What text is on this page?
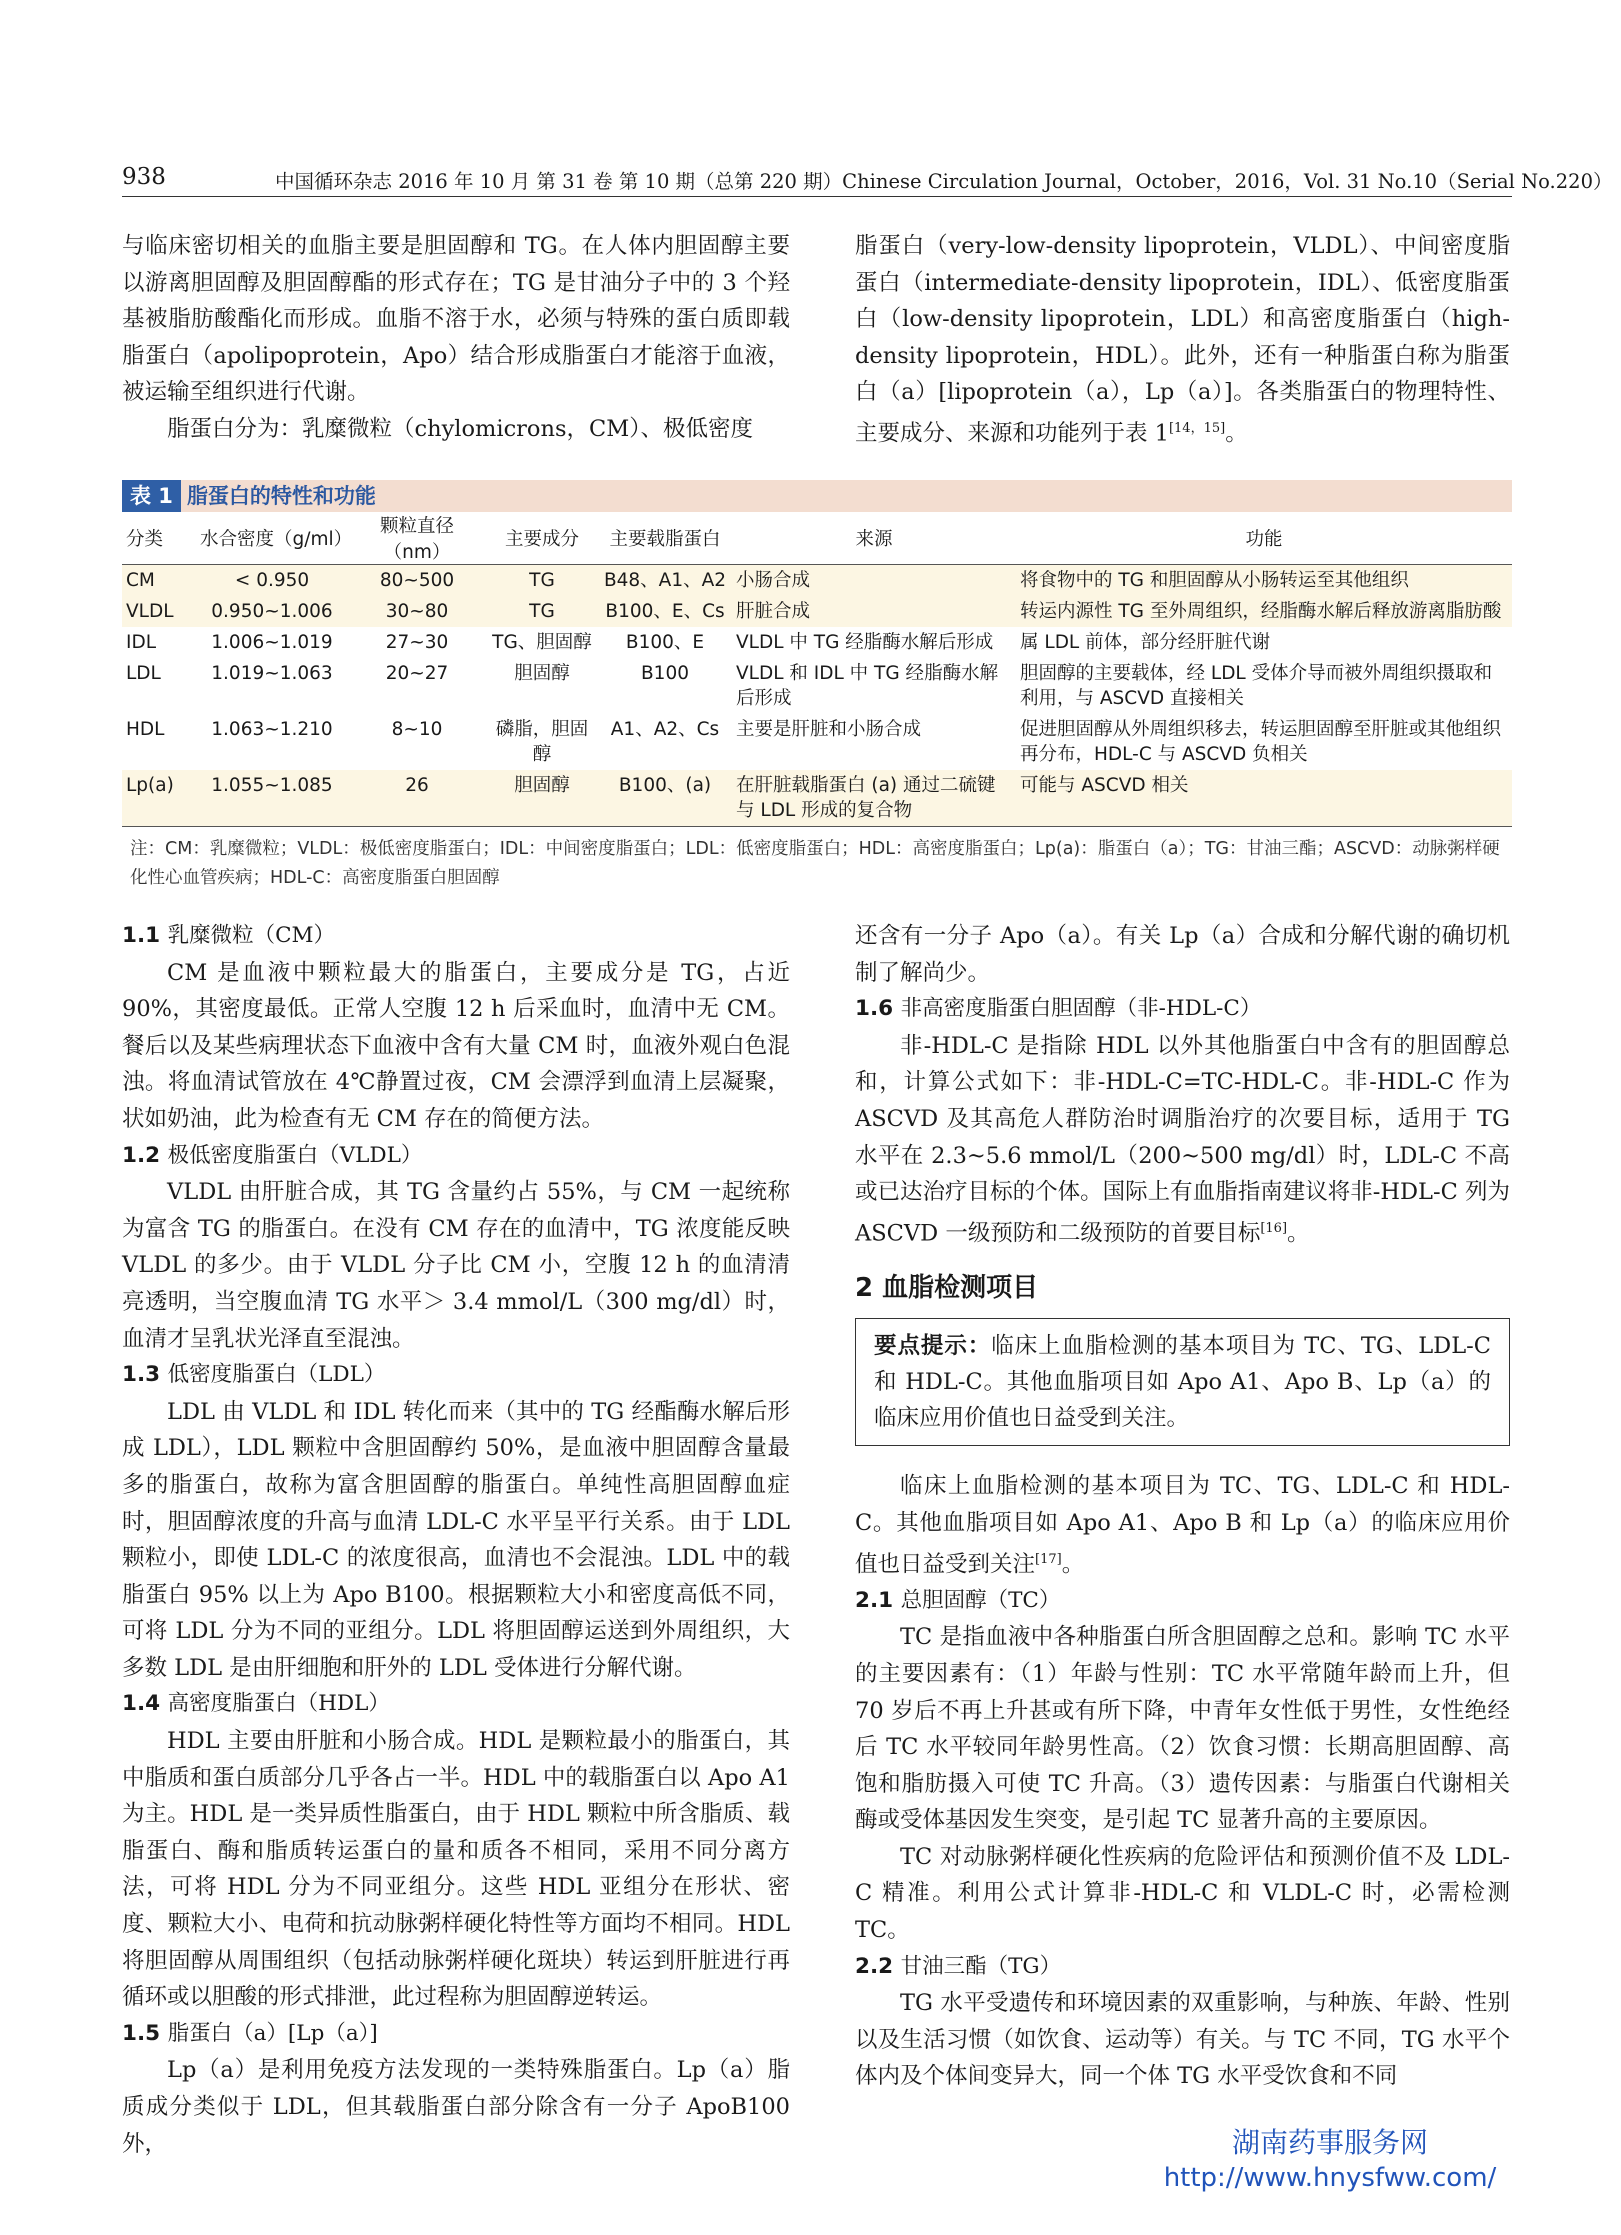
938	中国循环杂志 2016 年 10 月 第 31 卷 第 10 期（总第 220 期）Chinese Circulation Journal，October，2016，Vol. 31 No.10（Serial No.220）

与临床密切相关的血脂主要是胆固醇和 TG。在人体内胆固醇主要以游离胆固醇及胆固醇酯的形式存在；TG 是甘油分子中的 3 个羟基被脂肪酸酯化而形成。血脂不溶于水，必须与特殊的蛋白质即载脂蛋白（apolipoprotein，Apo）结合形成脂蛋白才能溶于血液，被运输至组织进行代谢。

脂蛋白分为：乳糜微粒（chylomicrons，CM）、极低密度

脂蛋白（very-low-density lipoprotein，VLDL）、中间密度脂蛋白（intermediate-density lipoprotein，IDL）、低密度脂蛋白（low-density lipoprotein，LDL）和高密度脂蛋白（high-density lipoprotein，HDL）。此外，还有一种脂蛋白称为脂蛋白（a）[lipoprotein（a），Lp（a）]。各类脂蛋白的物理特性、主要成分、来源和功能列于表 1[14，15]。

表 1 脂蛋白的特性和功能
分类	水合密度（g/ml）	颗粒直径（nm）	主要成分	主要载脂蛋白	来源	功能
CM	< 0.950	80~500	TG	B48、A1、A2	小肠合成	将食物中的 TG 和胆固醇从小肠转运至其他组织
VLDL	0.950~1.006	30~80	TG	B100、E、Cs	肝脏合成	转运内源性 TG 至外周组织，经脂酶水解后释放游离脂肪酸
IDL	1.006~1.019	27~30	TG、胆固醇	B100、E	VLDL 中 TG 经脂酶水解后形成	属 LDL 前体，部分经肝脏代谢
LDL	1.019~1.063	20~27	胆固醇	B100	VLDL 和 IDL 中 TG 经脂酶水解后形成	胆固醇的主要载体，经 LDL 受体介导而被外周组织摄取和利用，与 ASCVD 直接相关
HDL	1.063~1.210	8~10	磷脂，胆固醇	A1、A2、Cs	主要是肝脏和小肠合成	促进胆固醇从外周组织移去，转运胆固醇至肝脏或其他组织再分布，HDL-C 与 ASCVD 负相关
Lp(a)	1.055~1.085	26	胆固醇	B100、(a)	在肝脏载脂蛋白 (a) 通过二硫键与 LDL 形成的复合物	可能与 ASCVD 相关
注：CM：乳糜微粒；VLDL：极低密度脂蛋白；IDL：中间密度脂蛋白；LDL：低密度脂蛋白；HDL：高密度脂蛋白；Lp(a)：脂蛋白（a）；TG：甘油三酯；ASCVD：动脉粥样硬化性心血管疾病；HDL-C：高密度脂蛋白胆固醇

1.1 乳糜微粒（CM）

CM 是血液中颗粒最大的脂蛋白，主要成分是 TG，占近 90%，其密度最低。正常人空腹 12 h 后采血时，血清中无 CM。餐后以及某些病理状态下血液中含有大量 CM 时，血液外观白色混浊。将血清试管放在 4℃静置过夜，CM 会漂浮到血清上层凝聚，状如奶油，此为检查有无 CM 存在的简便方法。

1.2 极低密度脂蛋白（VLDL）

VLDL 由肝脏合成，其 TG 含量约占 55%，与 CM 一起统称为富含 TG 的脂蛋白。在没有 CM 存在的血清中，TG 浓度能反映 VLDL 的多少。由于 VLDL 分子比 CM 小，空腹 12 h 的血清清亮透明，当空腹血清 TG 水平＞ 3.4 mmol/L（300 mg/dl）时，血清才呈乳状光泽直至混浊。

1.3 低密度脂蛋白（LDL）

LDL 由 VLDL 和 IDL 转化而来（其中的 TG 经酯酶水解后形成 LDL），LDL 颗粒中含胆固醇约 50%，是血液中胆固醇含量最多的脂蛋白，故称为富含胆固醇的脂蛋白。单纯性高胆固醇血症时，胆固醇浓度的升高与血清 LDL-C 水平呈平行关系。由于 LDL 颗粒小，即使 LDL-C 的浓度很高，血清也不会混浊。LDL 中的载脂蛋白 95% 以上为 Apo B100。根据颗粒大小和密度高低不同，可将 LDL 分为不同的亚组分。LDL 将胆固醇运送到外周组织，大多数 LDL 是由肝细胞和肝外的 LDL 受体进行分解代谢。

1.4 高密度脂蛋白（HDL）

HDL 主要由肝脏和小肠合成。HDL 是颗粒最小的脂蛋白，其中脂质和蛋白质部分几乎各占一半。HDL 中的载脂蛋白以 Apo A1 为主。HDL 是一类异质性脂蛋白，由于 HDL 颗粒中所含脂质、载脂蛋白、酶和脂质转运蛋白的量和质各不相同，采用不同分离方法，可将 HDL 分为不同亚组分。这些 HDL 亚组分在形状、密度、颗粒大小、电荷和抗动脉粥样硬化特性等方面均不相同。HDL 将胆固醇从周围组织（包括动脉粥样硬化斑块）转运到肝脏进行再循环或以胆酸的形式排泄，此过程称为胆固醇逆转运。

1.5 脂蛋白（a）[Lp（a）]

Lp（a）是利用免疫方法发现的一类特殊脂蛋白。Lp（a）脂质成分类似于 LDL，但其载脂蛋白部分除含有一分子 ApoB100 外，

还含有一分子 Apo（a）。有关 Lp（a）合成和分解代谢的确切机制了解尚少。

1.6 非高密度脂蛋白胆固醇（非-HDL-C）

非-HDL-C 是指除 HDL 以外其他脂蛋白中含有的胆固醇总和，计算公式如下：非-HDL-C=TC-HDL-C。非-HDL-C 作为 ASCVD 及其高危人群防治时调脂治疗的次要目标，适用于 TG 水平在 2.3~5.6 mmol/L（200~500 mg/dl）时，LDL-C 不高或已达治疗目标的个体。国际上有血脂指南建议将非-HDL-C 列为 ASCVD 一级预防和二级预防的首要目标[16]。

2 血脂检测项目

要点提示：临床上血脂检测的基本项目为 TC、TG、LDL-C 和 HDL-C。其他血脂项目如 Apo A1、Apo B、Lp（a）的临床应用价值也日益受到关注。

临床上血脂检测的基本项目为 TC、TG、LDL-C 和 HDL-C。其他血脂项目如 Apo A1、Apo B 和 Lp（a）的临床应用价值也日益受到关注[17]。

2.1 总胆固醇（TC）

TC 是指血液中各种脂蛋白所含胆固醇之总和。影响 TC 水平的主要因素有：（1）年龄与性别：TC 水平常随年龄而上升，但 70 岁后不再上升甚或有所下降，中青年女性低于男性，女性绝经后 TC 水平较同年龄男性高。（2）饮食习惯：长期高胆固醇、高饱和脂肪摄入可使 TC 升高。（3）遗传因素：与脂蛋白代谢相关酶或受体基因发生突变，是引起 TC 显著升高的主要原因。

TC 对动脉粥样硬化性疾病的危险评估和预测价值不及 LDL-C 精准。利用公式计算非-HDL-C 和 VLDL-C 时，必需检测 TC。

2.2 甘油三酯（TG）

TG 水平受遗传和环境因素的双重影响，与种族、年龄、性别以及生活习惯（如饮食、运动等）有关。与 TC 不同，TG 水平个体内及个体间变异大，同一个体 TG 水平受饮食和不同

湖南药事服务网
http://www.hnysfww.com/
